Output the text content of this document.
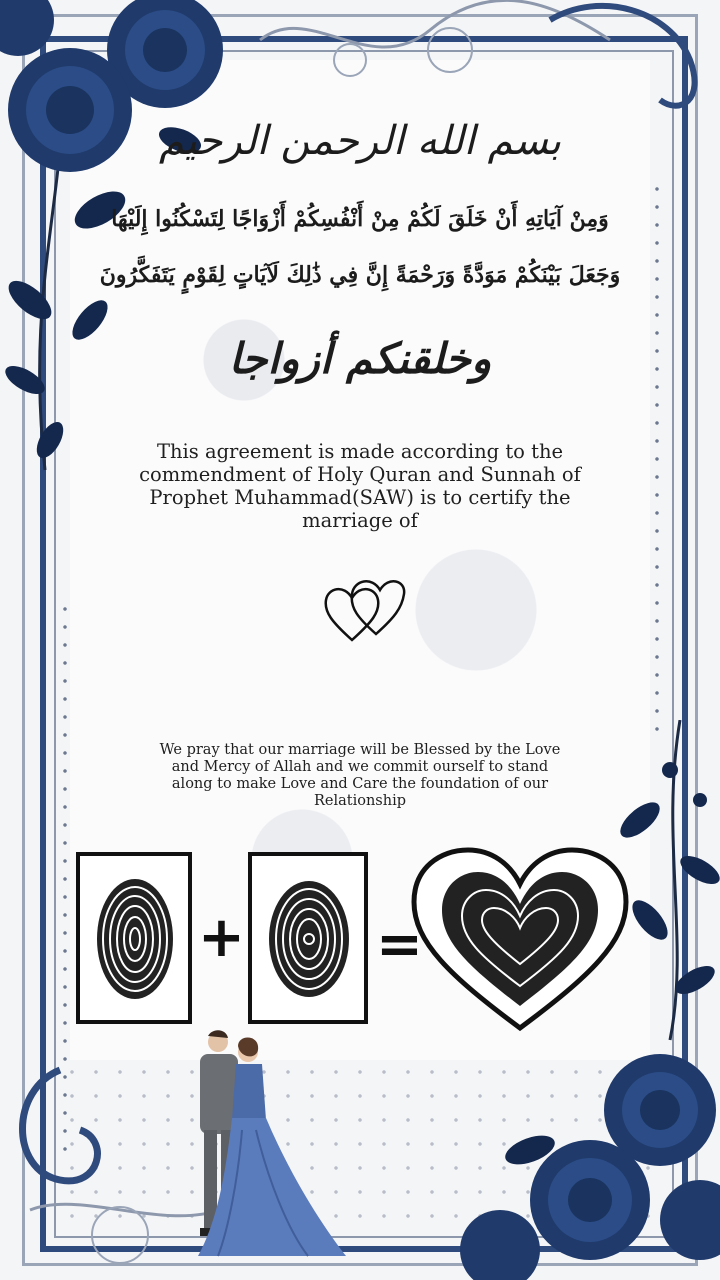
بسم الله الرحمن الرحيم
وَمِنْ آيَاتِهِ أَنْ خَلَقَ لَكُمْ مِنْ أَنْفُسِكُمْ أَزْوَاجًا لِتَسْكُنُوا إِلَيْهَا
وَجَعَلَ بَيْنَكُمْ مَوَدَّةً وَرَحْمَةً إِنَّ فِي ذَٰلِكَ لَآيَاتٍ لِقَوْمٍ يَتَفَكَّرُونَ
وخلقنكم أزواجا
This agreement is made according to the commendment of Holy Quran and Sunnah of Prophet Muhammad(SAW) is to certify the marriage of
We pray that our marriage will be Blessed by the Love and Mercy of Allah and we commit ourself to stand along to make Love and Care the foundation of our Relationship
+ =
